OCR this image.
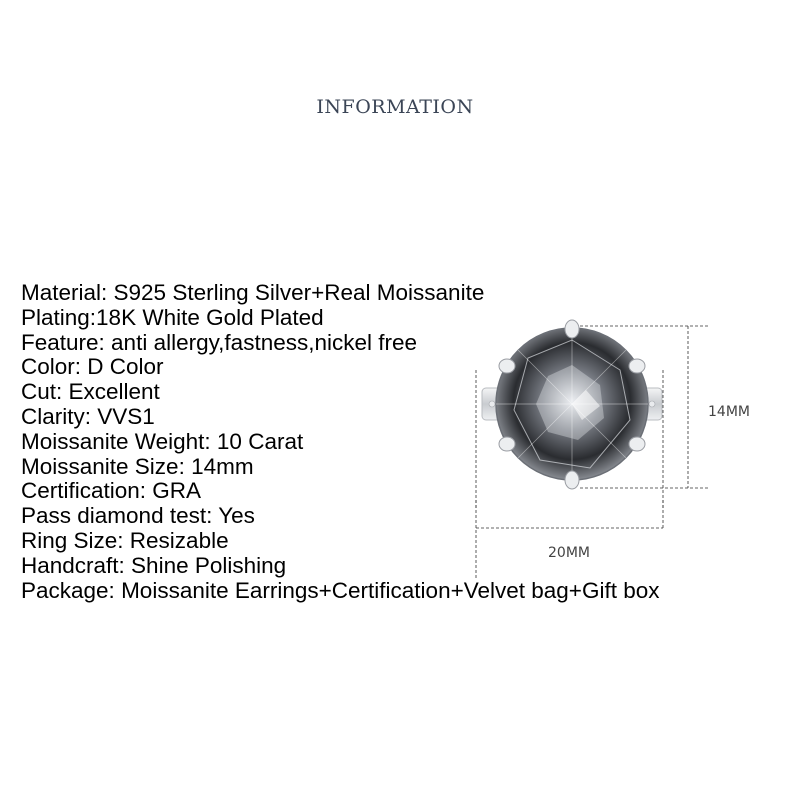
INFORMATION
Material: S925 Sterling Silver+Real Moissanite
Plating:18K White Gold Plated
Feature: anti allergy,fastness,nickel free
Color: D Color
Cut: Excellent
Clarity: VVS1
Moissanite Weight: 10 Carat
Moissanite Size: 14mm
Certification: GRA
Pass diamond test: Yes
Ring Size: Resizable
Handcraft: Shine Polishing
Package: Moissanite Earrings+Certification+Velvet bag+Gift box
14MM
20MM
